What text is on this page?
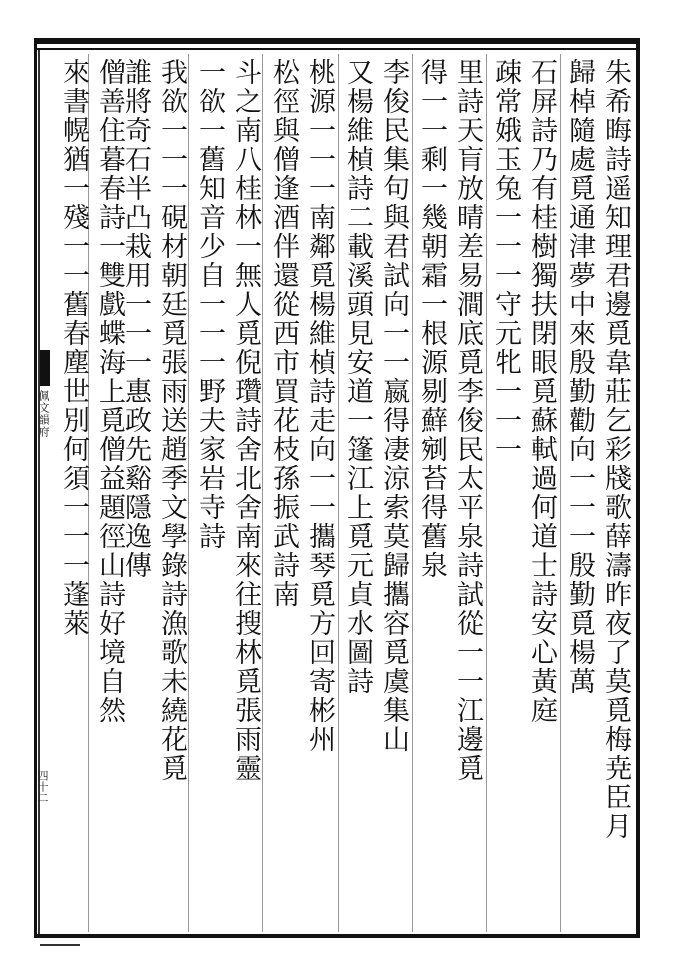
佩文韻府
四十二	朱希晦詩遥知理君邊覓韋莊乞彩牋歌薛濤昨夜了莫覓梅尭臣月
歸棹隨處覓通津夢中來殷勤勸向一一一殷勤覓楊萬
石屏詩乃有桂樹獨扶閉眼覓蘇軾過何道士詩安心黃庭
疎常娥玉兔一一一守元牝一一一
里詩天肓放晴差易澗底覓李俊民太平泉詩試從一一江邊覓
得一一剩一幾朝霜一根源剔蘚剜苔得舊泉
李俊民集句與君試向一一嬴得凄涼索莫歸攜容覓虞集山
又楊維楨詩二載溪頭見安道一篷江上覓元貞水圖詩
桃源一一一南鄰覓楊維楨詩走向一一攜琴覓方回寄彬州
松徑與僧逢酒伴還從西市買花枝孫振武詩南
斗之南八桂林一無人覓倪瓚詩舍北舍南來往搜林覓張雨靈
一欲一舊知音少自一一一野夫家岩寺詩
我欲一一一硯材朝廷覓張雨送趙季文學錄詩漁歌未繞花覓
誰將奇石半凸栽用一一一惠政先谿隱逸傳
僧善住暮春詩一雙戲蝶海上覓僧益題徑山詩好境自然
來書幌猶一殘一一舊春塵世別何須一一一蓬萊
